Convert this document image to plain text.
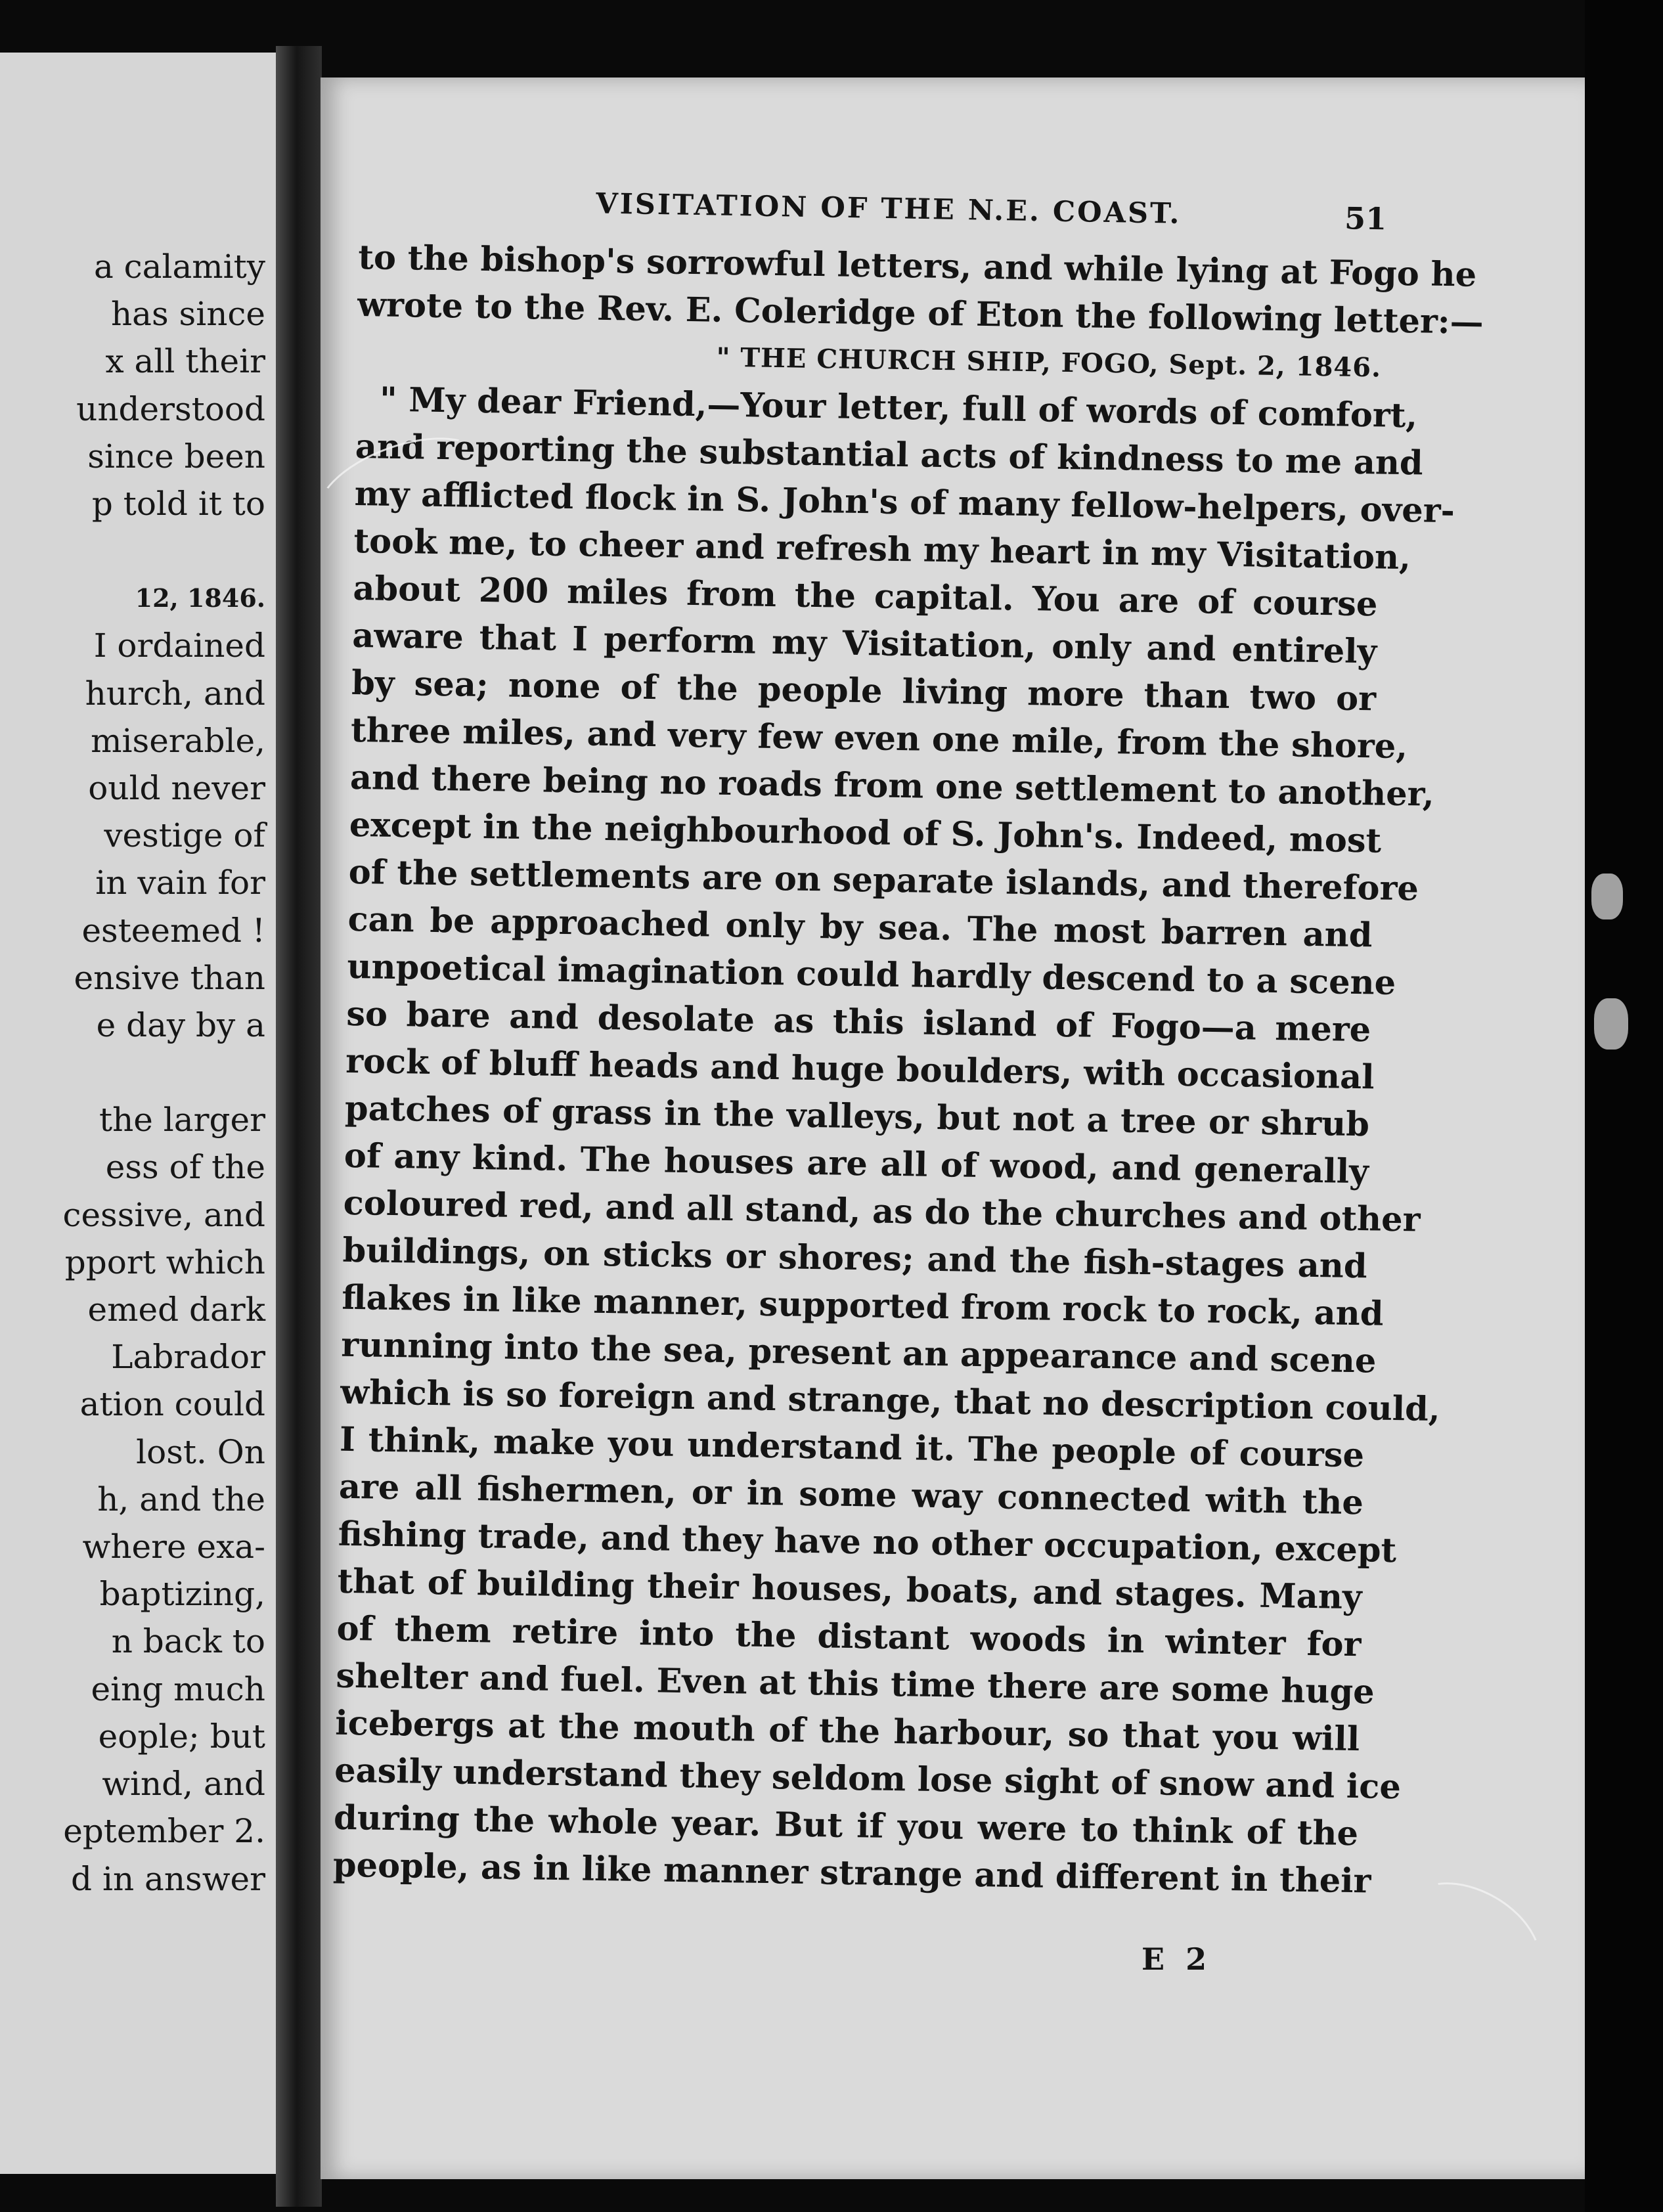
a calamity
has since
x all their
understood
since been
p told it to
12, 1846.
I ordained
hurch, and
miserable,
ould never
vestige of
in vain for
esteemed !
ensive than
e day by a
the larger
ess of the
cessive, and
pport which
emed dark
Labrador
ation could
lost. On
h, and the
where exa-
baptizing,
n back to
eing much
eople; but
wind, and
eptember 2.
d in answer
VISITATION OF THE N.E. COAST.	51
to the bishop's sorrowful letters, and while lying at Fogo he
wrote to the Rev. E. Coleridge of Eton the following letter:—
" THE CHURCH SHIP, FOGO, Sept. 2, 1846.
" My dear Friend,—Your letter, full of words of comfort,
and reporting the substantial acts of kindness to me and
my afflicted flock in S. John's of many fellow-helpers, over-
took me, to cheer and refresh my heart in my Visitation,
about 200 miles from the capital. You are of course
aware that I perform my Visitation, only and entirely
by sea; none of the people living more than two or
three miles, and very few even one mile, from the shore,
and there being no roads from one settlement to another,
except in the neighbourhood of S. John's. Indeed, most
of the settlements are on separate islands, and therefore
can be approached only by sea. The most barren and
unpoetical imagination could hardly descend to a scene
so bare and desolate as this island of Fogo—a mere
rock of bluff heads and huge boulders, with occasional
patches of grass in the valleys, but not a tree or shrub
of any kind. The houses are all of wood, and generally
coloured red, and all stand, as do the churches and other
buildings, on sticks or shores; and the fish-stages and
flakes in like manner, supported from rock to rock, and
running into the sea, present an appearance and scene
which is so foreign and strange, that no description could,
I think, make you understand it. The people of course
are all fishermen, or in some way connected with the
fishing trade, and they have no other occupation, except
that of building their houses, boats, and stages. Many
of them retire into the distant woods in winter for
shelter and fuel. Even at this time there are some huge
icebergs at the mouth of the harbour, so that you will
easily understand they seldom lose sight of snow and ice
during the whole year. But if you were to think of the
people, as in like manner strange and different in their
E 2
